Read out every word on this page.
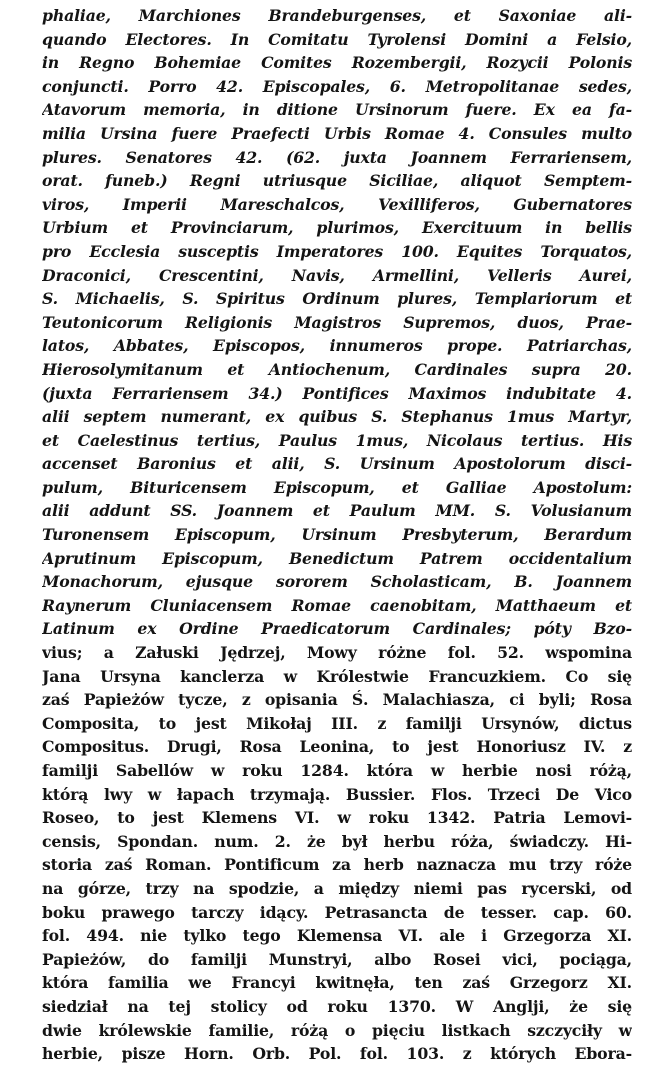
phaliae, Marchiones Brandeburgenses, et Saxoniae ali-
quando Electores. In Comitatu Tyrolensi Domini a Felsio,
in Regno Bohemiae Comites Rozembergii, Rozycii Polonis
conjuncti. Porro 42. Episcopales, 6. Metropolitanae sedes,
Atavorum memoria, in ditione Ursinorum fuere. Ex ea fa-
milia Ursina fuere Praefecti Urbis Romae 4. Consules multo
plures. Senatores 42. (62. juxta Joannem Ferrariensem,
orat. funeb.) Regni utriusque Siciliae, aliquot Semptem-
viros, Imperii Mareschalcos, Vexilliferos, Gubernatores
Urbium et Provinciarum, plurimos, Exercituum in bellis
pro Ecclesia susceptis Imperatores 100. Equites Torquatos,
Draconici, Crescentini, Navis, Armellini, Velleris Aurei,
S. Michaelis, S. Spiritus Ordinum plures, Templariorum et
Teutonicorum Religionis Magistros Supremos, duos, Prae-
latos, Abbates, Episcopos, innumeros prope. Patriarchas,
Hierosolymitanum et Antiochenum, Cardinales supra 20.
(juxta Ferrariensem 34.) Pontifices Maximos indubitate 4.
alii septem numerant, ex quibus S. Stephanus 1mus Martyr,
et Caelestinus tertius, Paulus 1mus, Nicolaus tertius. His
accenset Baronius et alii, S. Ursinum Apostolorum disci-
pulum, Bituricensem Episcopum, et Galliae Apostolum:
alii addunt SS. Joannem et Paulum MM. S. Volusianum
Turonensem Episcopum, Ursinum Presbyterum, Berardum
Aprutinum Episcopum, Benedictum Patrem occidentalium
Monachorum, ejusque sororem Scholasticam, B. Joannem
Raynerum Cluniacensem Romae caenobitam, Matthaeum et
Latinum ex Ordine Praedicatorum Cardinales; póty Bzo-
vius; a Załuski Jędrzej, Mowy różne fol. 52. wspomina
Jana Ursyna kanclerza w Królestwie Francuzkiem. Co się
zaś Papieżów tycze, z opisania Ś. Malachiasza, ci byli; Rosa
Composita, to jest Mikołaj III. z familji Ursynów, dictus
Compositus. Drugi, Rosa Leonina, to jest Honoriusz IV. z
familji Sabellów w roku 1284. która w herbie nosi różą,
którą lwy w łapach trzymają. Bussier. Flos. Trzeci De Vico
Roseo, to jest Klemens VI. w roku 1342. Patria Lemovi-
censis, Spondan. num. 2. że był herbu róża, świadczy. Hi-
storia zaś Roman. Pontificum za herb naznacza mu trzy róże
na górze, trzy na spodzie, a między niemi pas rycerski, od
boku prawego tarczy idący. Petrasancta de tesser. cap. 60.
fol. 494. nie tylko tego Klemensa VI. ale i Grzegorza XI.
Papieżów, do familji Munstryi, albo Rosei vici, pociąga,
która familia we Francyi kwitnęła, ten zaś Grzegorz XI.
siedział na tej stolicy od roku 1370. W Anglji, że się
dwie królewskie familie, różą o pięciu listkach szczyciły w
herbie, pisze Horn. Orb. Pol. fol. 103. z których Ebora-
